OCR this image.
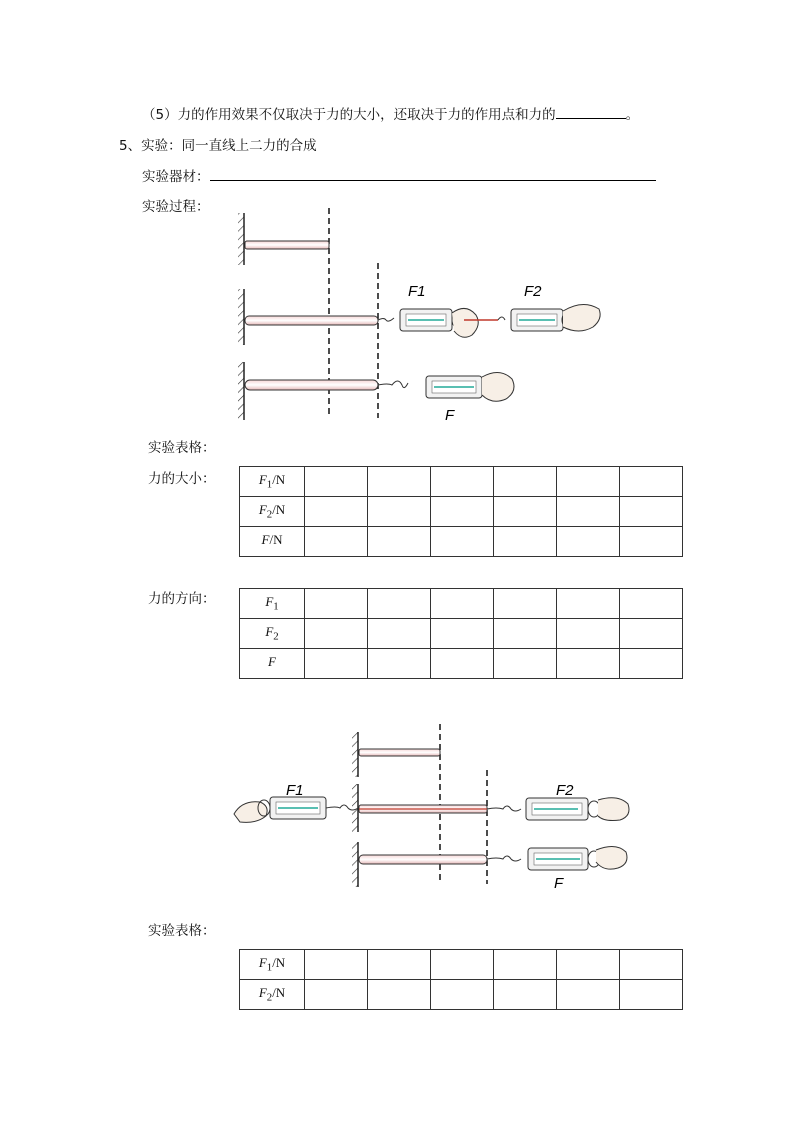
（5）力的作用效果不仅取决于力的大小，还取决于力的作用点和力的	。
5、实验：同一直线上二力的合成
实验器材：
实验过程：
F1	F2
F
实验表格：
力的大小：	$F_1/N$						
$F_2/N$						
F/N						
力的方向：	$F_1$						
$F_2$						
F						
F1	F2
F
实验表格：
$F_1/N$						
$F_2/N$						
